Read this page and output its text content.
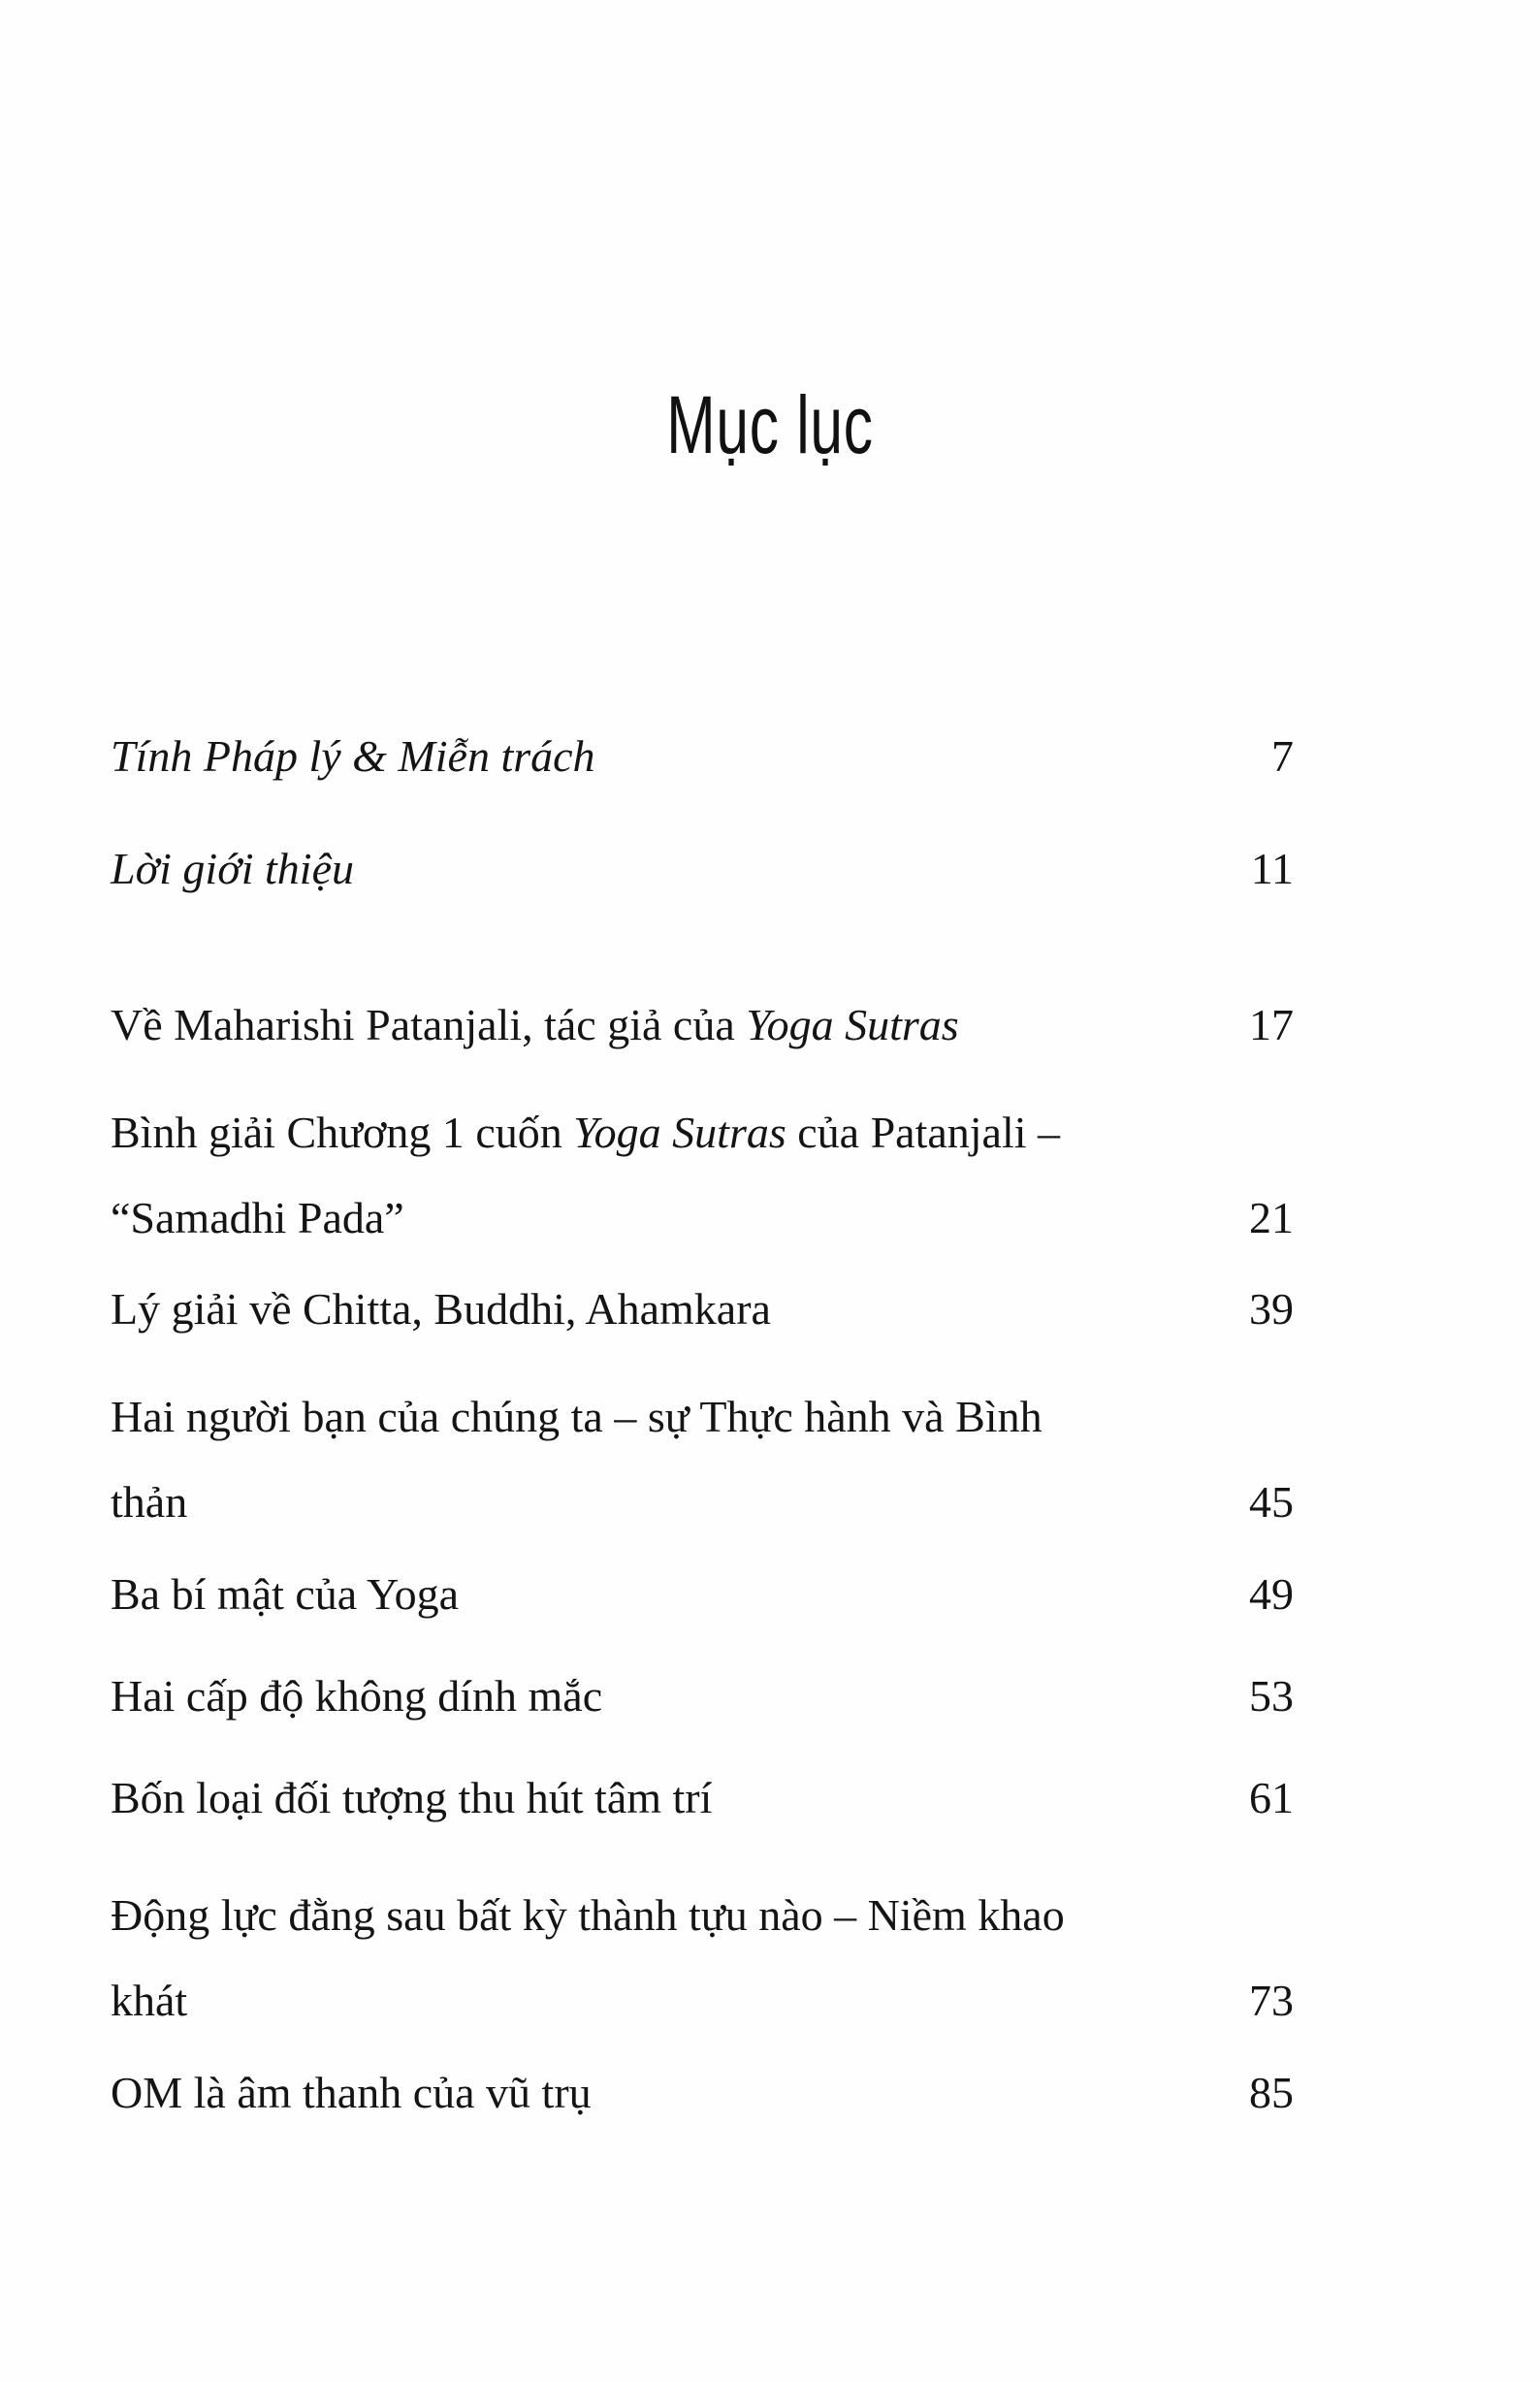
Mục lục
Tính Pháp lý & Miễn trách	7
Lời giới thiệu	11
Về Maharishi Patanjali, tác giả của Yoga Sutras	17
Bình giải Chương 1 cuốn Yoga Sutras của Patanjali – “Samadhi Pada”	21
Lý giải về Chitta, Buddhi, Ahamkara	39
Hai người bạn của chúng ta – sự Thực hành và Bình thản	45
Ba bí mật của Yoga	49
Hai cấp độ không dính mắc	53
Bốn loại đối tượng thu hút tâm trí	61
Động lực đằng sau bất kỳ thành tựu nào – Niềm khao khát	73
OM là âm thanh của vũ trụ	85
